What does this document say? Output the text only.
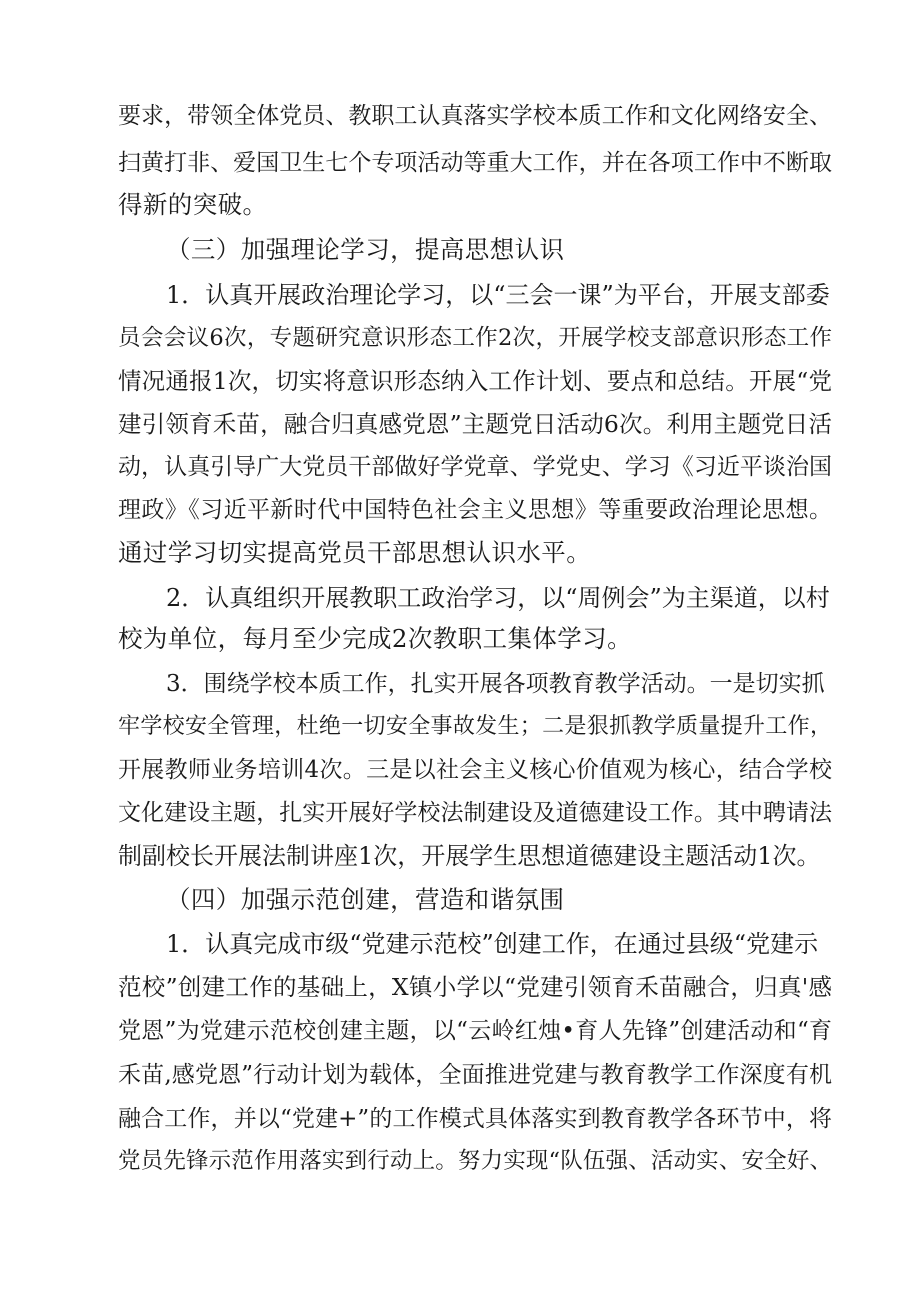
要求，带领全体党员、教职工认真落实学校本质工作和文化网络安全、
扫黄打非、爱国卫生七个专项活动等重大工作，并在各项工作中不断取
得新的突破。
（三）加强理论学习，提高思想认识
1．认真开展政治理论学习，以“三会一课”为平台，开展支部委
员会会议6次，专题研究意识形态工作2次，开展学校支部意识形态工作
情况通报1次，切实将意识形态纳入工作计划、要点和总结。开展“党
建引领育禾苗，融合归真感党恩”主题党日活动6次。利用主题党日活
动，认真引导广大党员干部做好学党章、学党史、学习《习近平谈治国
理政》《习近平新时代中国特色社会主义思想》等重要政治理论思想。
通过学习切实提高党员干部思想认识水平。
2．认真组织开展教职工政治学习，以“周例会”为主渠道，以村
校为单位，每月至少完成2次教职工集体学习。
3．围绕学校本质工作，扎实开展各项教育教学活动。一是切实抓
牢学校安全管理，杜绝一切安全事故发生；二是狠抓教学质量提升工作，
开展教师业务培训4次。三是以社会主义核心价值观为核心，结合学校
文化建设主题，扎实开展好学校法制建设及道德建设工作。其中聘请法
制副校长开展法制讲座1次，开展学生思想道德建设主题活动1次。
（四）加强示范创建，营造和谐氛围
1．认真完成市级“党建示范校”创建工作，在通过县级“党建示
范校”创建工作的基础上，X镇小学以“党建引领育禾苗融合，归真'感
党恩”为党建示范校创建主题，以“云岭红烛•育人先锋”创建活动和“育
禾苗,感党恩”行动计划为载体，全面推进党建与教育教学工作深度有机
融合工作，并以“党建+”的工作模式具体落实到教育教学各环节中，将
党员先锋示范作用落实到行动上。努力实现“队伍强、活动实、安全好、
